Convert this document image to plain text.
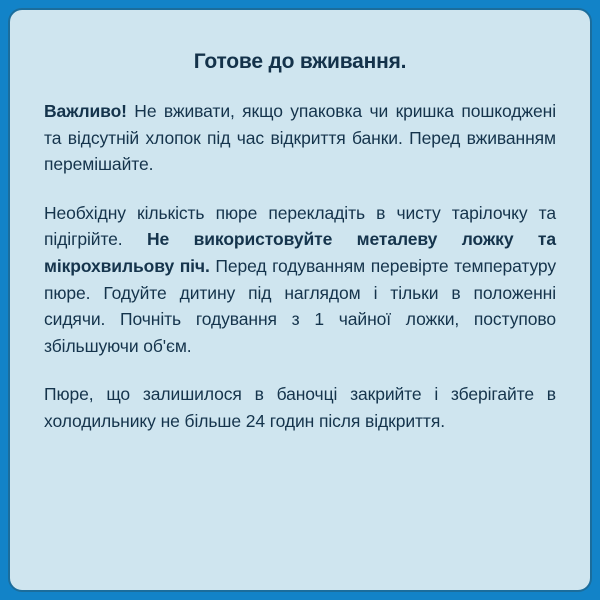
Готове до вживання.

Важливо! Не вживати, якщо упаковка чи кришка пошкоджені та відсутній хлопок під час відкриття банки. Перед вживанням перемішайте.

Необхідну кількість пюре перекладіть в чисту тарілочку та підігрійте. Не використовуйте металеву ложку та мікрохвильову піч. Перед годуванням перевірте температуру пюре. Годуйте дитину під наглядом і тільки в положенні сидячи. Почніть годування з 1 чайної ложки, поступово збільшуючи об'єм.

Пюре, що залишилося в баночці закрийте і зберігайте в холодильнику не більше 24 годин після відкриття.
